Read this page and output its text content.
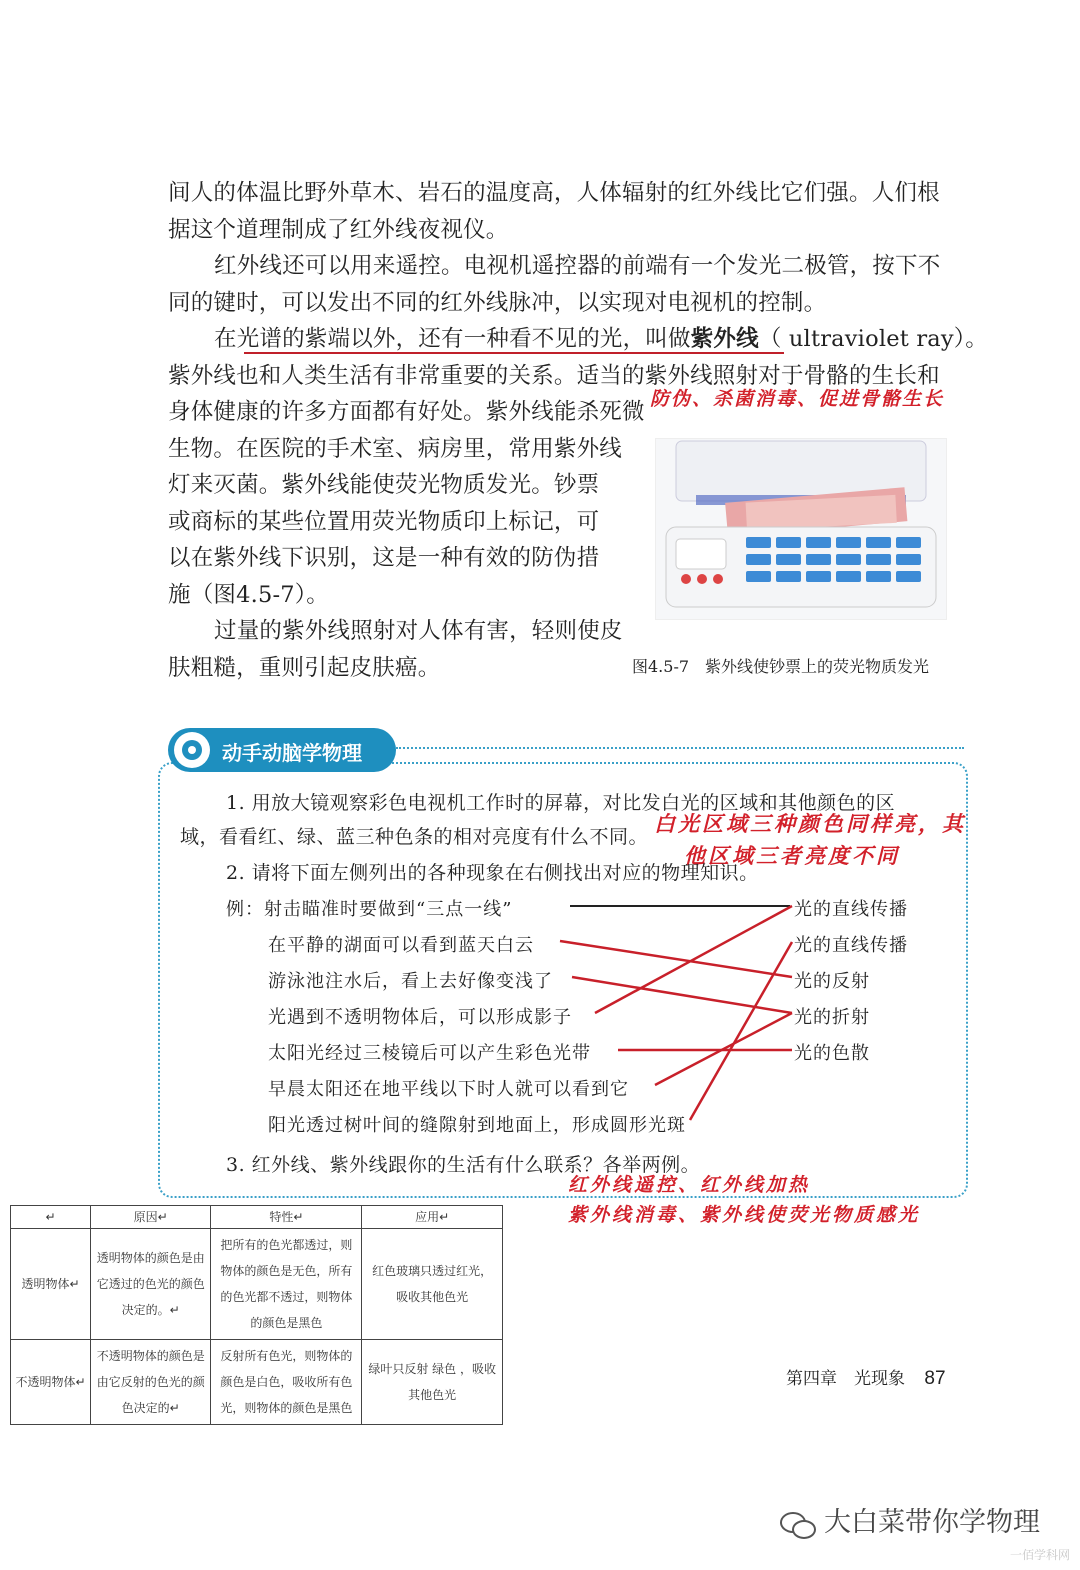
间人的体温比野外草木、岩石的温度高，人体辐射的红外线比它们强。人们根
据这个道理制成了红外线夜视仪。
红外线还可以用来遥控。电视机遥控器的前端有一个发光二极管，按下不
同的键时，可以发出不同的红外线脉冲，以实现对电视机的控制。
在光谱的紫端以外，还有一种看不见的光，叫做紫外线（ ultraviolet ray）。
紫外线也和人类生活有非常重要的关系。适当的紫外线照射对于骨骼的生长和
身体健康的许多方面都有好处。紫外线能杀死微
生物。在医院的手术室、病房里，常用紫外线
灯来灭菌。紫外线能使荧光物质发光。钞票
或商标的某些位置用荧光物质印上标记，可
以在紫外线下识别，这是一种有效的防伪措
施（图4.5-7）。
过量的紫外线照射对人体有害，轻则使皮
肤粗糙，重则引起皮肤癌。
防伪、杀菌消毒、促进骨骼生长
图4.5-7　紫外线使钞票上的荧光物质发光
动手动脑学物理
1. 用放大镜观察彩色电视机工作时的屏幕，对比发白光的区域和其他颜色的区
域，看看红、绿、蓝三种色条的相对亮度有什么不同。
白光区域三种颜色同样亮，其
他区域三者亮度不同
2. 请将下面左侧列出的各种现象在右侧找出对应的物理知识。
例：射击瞄准时要做到“三点一线”
在平静的湖面可以看到蓝天白云
游泳池注水后，看上去好像变浅了
光遇到不透明物体后，可以形成影子
太阳光经过三棱镜后可以产生彩色光带
早晨太阳还在地平线以下时人就可以看到它
阳光透过树叶间的缝隙射到地面上，形成圆形光斑
光的直线传播
光的直线传播
光的反射
光的折射
光的色散
3. 红外线、紫外线跟你的生活有什么联系？各举两例。
红外线遥控、红外线加热
紫外线消毒、紫外线使荧光物质感光
↵	原因↵	特性↵	应用↵
透明物体↵	透明物体的颜色是由它透过的色光的颜色决定的。↵	把所有的色光都透过，则物体的颜色是无色，所有的色光都不透过，则物体的颜色是黑色	红色玻璃只透过红光，吸收其他色光
不透明物体↵	不透明物体的颜色是由它反射的色光的颜色决定的↵	反射所有色光，则物体的颜色是白色，吸收所有色光，则物体的颜色是黑色	绿叶只反射 绿色 ，吸收 其他色光
第四章　光现象 87
大白菜带你学物理
一佰学科网
